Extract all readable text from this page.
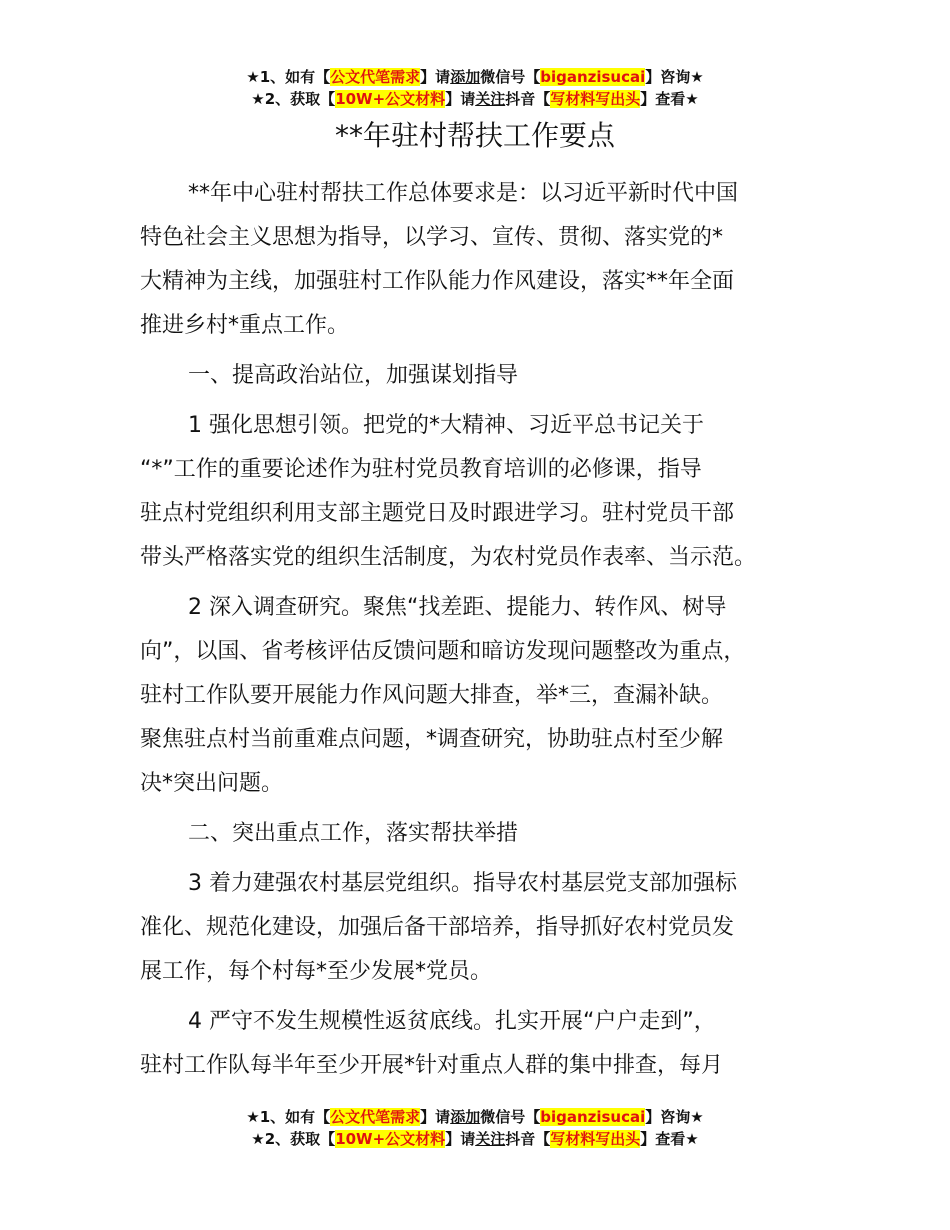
★1、如有【公文代笔需求】请添加微信号【biganzisucai】咨询★
★2、获取【10W+公文材料】请关注抖音【写材料写出头】查看★
**年驻村帮扶工作要点
**年中心驻村帮扶工作总体要求是：以习近平新时代中国
特色社会主义思想为指导，以学习、宣传、贯彻、落实党的*
大精神为主线，加强驻村工作队能力作风建设，落实**年全面
推进乡村*重点工作。
一、提高政治站位，加强谋划指导
1 强化思想引领。把党的*大精神、习近平总书记关于
“*”工作的重要论述作为驻村党员教育培训的必修课，指导
驻点村党组织利用支部主题党日及时跟进学习。驻村党员干部
带头严格落实党的组织生活制度，为农村党员作表率、当示范。
2 深入调查研究。聚焦“找差距、提能力、转作风、树导
向”，以国、省考核评估反馈问题和暗访发现问题整改为重点，
驻村工作队要开展能力作风问题大排查，举*三，查漏补缺。
聚焦驻点村当前重难点问题，*调查研究，协助驻点村至少解
决*突出问题。
二、突出重点工作，落实帮扶举措
3 着力建强农村基层党组织。指导农村基层党支部加强标
准化、规范化建设，加强后备干部培养，指导抓好农村党员发
展工作，每个村每*至少发展*党员。
4 严守不发生规模性返贫底线。扎实开展“户户走到”，
驻村工作队每半年至少开展*针对重点人群的集中排查，每月
★1、如有【公文代笔需求】请添加微信号【biganzisucai】咨询★
★2、获取【10W+公文材料】请关注抖音【写材料写出头】查看★
